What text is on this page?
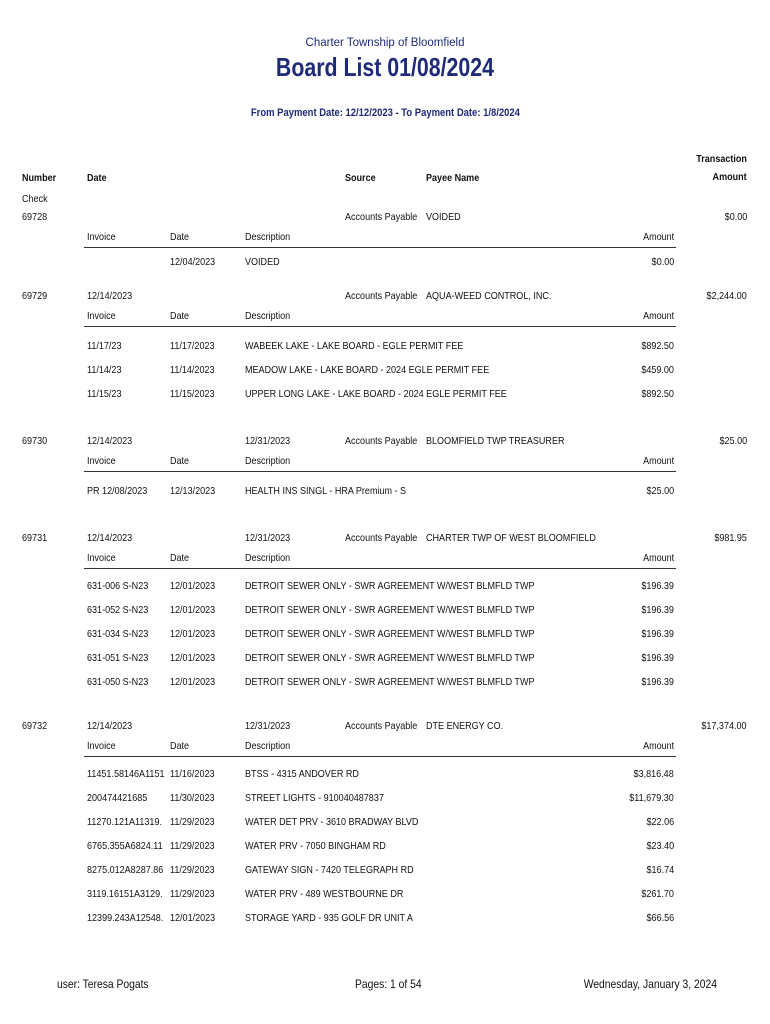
Charter Township of Bloomfield
Board List 01/08/2024
From Payment Date: 12/12/2023 - To Payment Date: 1/8/2024
Number
Check
Date	Source	Payee Name
Transaction
Amount
69728	Accounts Payable VOIDED	$0.00
Invoice	Date	Description	Amount
12/04/2023	VOIDED	$0.00
69729	12/14/2023	Accounts Payable AQUA-WEED CONTROL, INC.	$2,244.00
Invoice	Date	Description	Amount
11/17/23	11/17/2023	WABEEK LAKE - LAKE BOARD - EGLE PERMIT FEE	$892.50
11/14/23	11/14/2023	MEADOW LAKE - LAKE BOARD - 2024 EGLE PERMIT FEE	$459.00
11/15/23	11/15/2023	UPPER LONG LAKE - LAKE BOARD - 2024 EGLE PERMIT FEE	$892.50
69730	12/14/2023	12/31/2023	Accounts Payable BLOOMFIELD TWP TREASURER	$25.00
Invoice	Date	Description	Amount
PR 12/08/2023 12/13/2023	HEALTH INS SINGL - HRA Premium - S	$25.00
69731	12/14/2023	12/31/2023	Accounts Payable CHARTER TWP OF WEST BLOOMFIELD	$981.95
Invoice	Date	Description	Amount
631-006 S-N23 12/01/2023	DETROIT SEWER ONLY - SWR AGREEMENT W/WEST BLMFLD TWP	$196.39
631-052 S-N23 12/01/2023	DETROIT SEWER ONLY - SWR AGREEMENT W/WEST BLMFLD TWP	$196.39
631-034 S-N23 12/01/2023	DETROIT SEWER ONLY - SWR AGREEMENT W/WEST BLMFLD TWP	$196.39
631-051 S-N23 12/01/2023	DETROIT SEWER ONLY - SWR AGREEMENT W/WEST BLMFLD TWP	$196.39
631-050 S-N23 12/01/2023	DETROIT SEWER ONLY - SWR AGREEMENT W/WEST BLMFLD TWP	$196.39
69732	12/14/2023	12/31/2023	Accounts Payable DTE ENERGY CO.	$17,374.00
Invoice	Date	Description	Amount
11451.58146A1151 11/16/2023	BTSS - 4315 ANDOVER RD	$3,816.48
200474421685 11/30/2023	STREET LIGHTS - 910040487837	$11,679.30
11270.121A11319. 11/29/2023	WATER DET PRV - 3610 BRADWAY BLVD	$22.06
6765.355A6824.11 11/29/2023	WATER PRV - 7050 BINGHAM RD	$23.40
8275.012A8287.86 11/29/2023	GATEWAY SIGN - 7420 TELEGRAPH RD	$16.74
3119.16151A3129. 11/29/2023	WATER PRV - 489 WESTBOURNE DR	$261.70
12399.243A12548. 12/01/2023	STORAGE YARD - 935 GOLF DR UNIT A	$66.56
user: Teresa Pogats	Pages: 1 of 54	Wednesday, January 3, 2024
